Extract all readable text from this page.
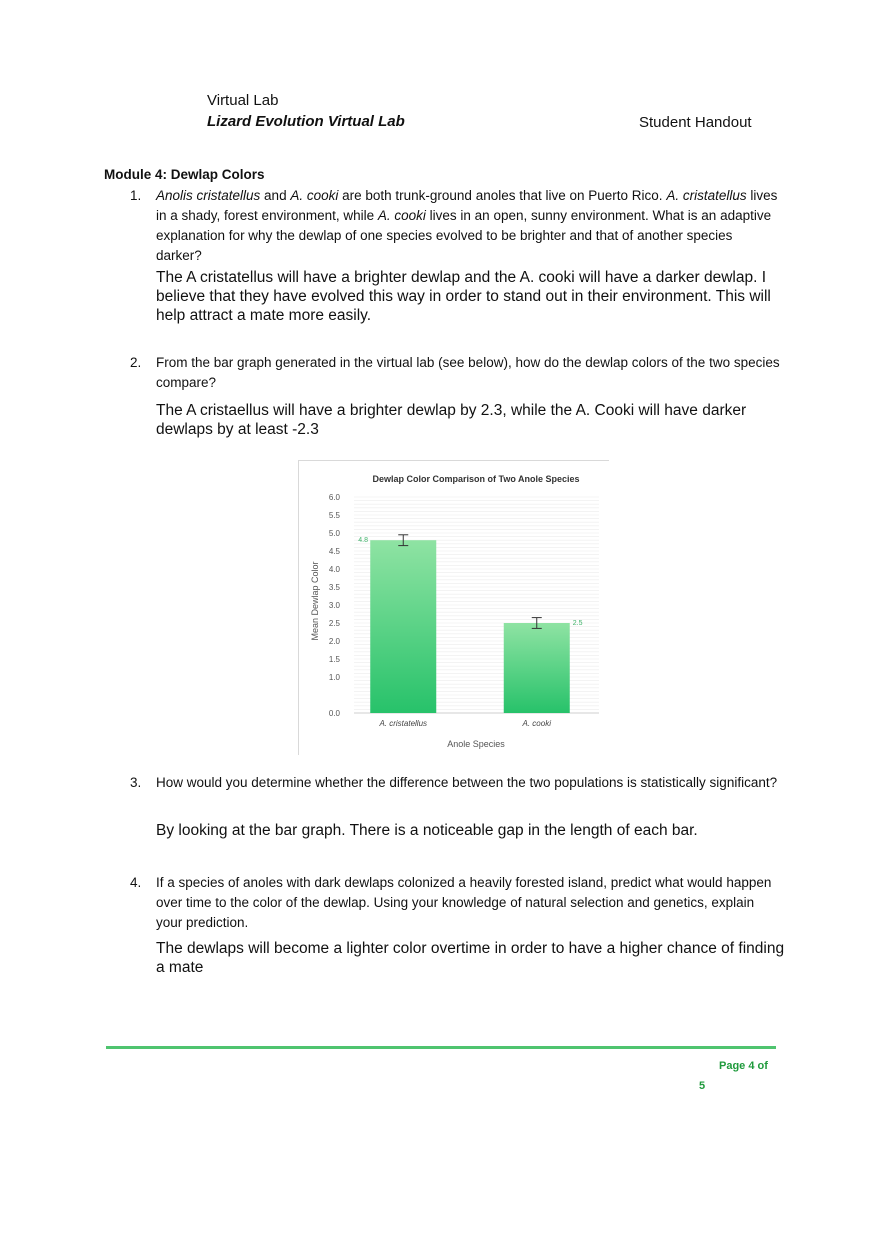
Virtual Lab
Lizard Evolution Virtual Lab	Student Handout
Module 4: Dewlap Colors
1. Anolis cristatellus and A. cooki are both trunk-ground anoles that live on Puerto Rico. A. cristatellus lives in a shady, forest environment, while A. cooki lives in an open, sunny environment. What is an adaptive explanation for why the dewlap of one species evolved to be brighter and that of another species darker?
The A cristatellus will have a brighter dewlap and the A. cooki will have a darker dewlap. I believe that they have evolved this way in order to stand out in their environment. This will help attract a mate more easily.
2. From the bar graph generated in the virtual lab (see below), how do the dewlap colors of the two species compare?
The A cristaellus will have a brighter dewlap by 2.3, while the A. Cooki will have darker dewlaps by at least -2.3
Dewlap Color Comparison of Two Anole Species
0.0
1.0
1.5
2.0
2.5
3.0
3.5
4.0
4.5
5.0
5.5
6.0
4.8
A. cristatellus
2.5
A. cooki
Mean Dewlap Color
Anole Species
3. How would you determine whether the difference between the two populations is statistically significant?
By looking at the bar graph. There is a noticeable gap in the length of each bar.
4. If a species of anoles with dark dewlaps colonized a heavily forested island, predict what would happen over time to the color of the dewlap. Using your knowledge of natural selection and genetics, explain your prediction.
The dewlaps will become a lighter color overtime in order to have a higher chance of finding a mate
Page 4 of
5
